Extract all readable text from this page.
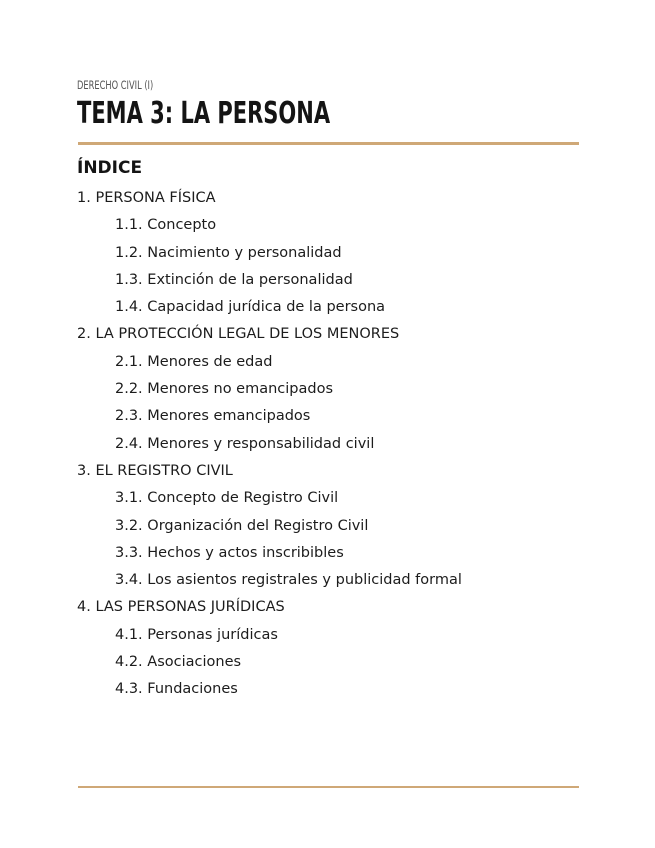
DERECHO CIVIL (I)
TEMA 3: LA PERSONA
ÍNDICE
1. PERSONA FÍSICA
1.1. Concepto
1.2. Nacimiento y personalidad
1.3. Extinción de la personalidad
1.4. Capacidad jurídica de la persona
2. LA PROTECCIÓN LEGAL DE LOS MENORES
2.1. Menores de edad
2.2. Menores no emancipados
2.3. Menores emancipados
2.4. Menores y responsabilidad civil
3. EL REGISTRO CIVIL
3.1. Concepto de Registro Civil
3.2. Organización del Registro Civil
3.3. Hechos y actos inscribibles
3.4. Los asientos registrales y publicidad formal
4. LAS PERSONAS JURÍDICAS
4.1. Personas jurídicas
4.2. Asociaciones
4.3. Fundaciones
